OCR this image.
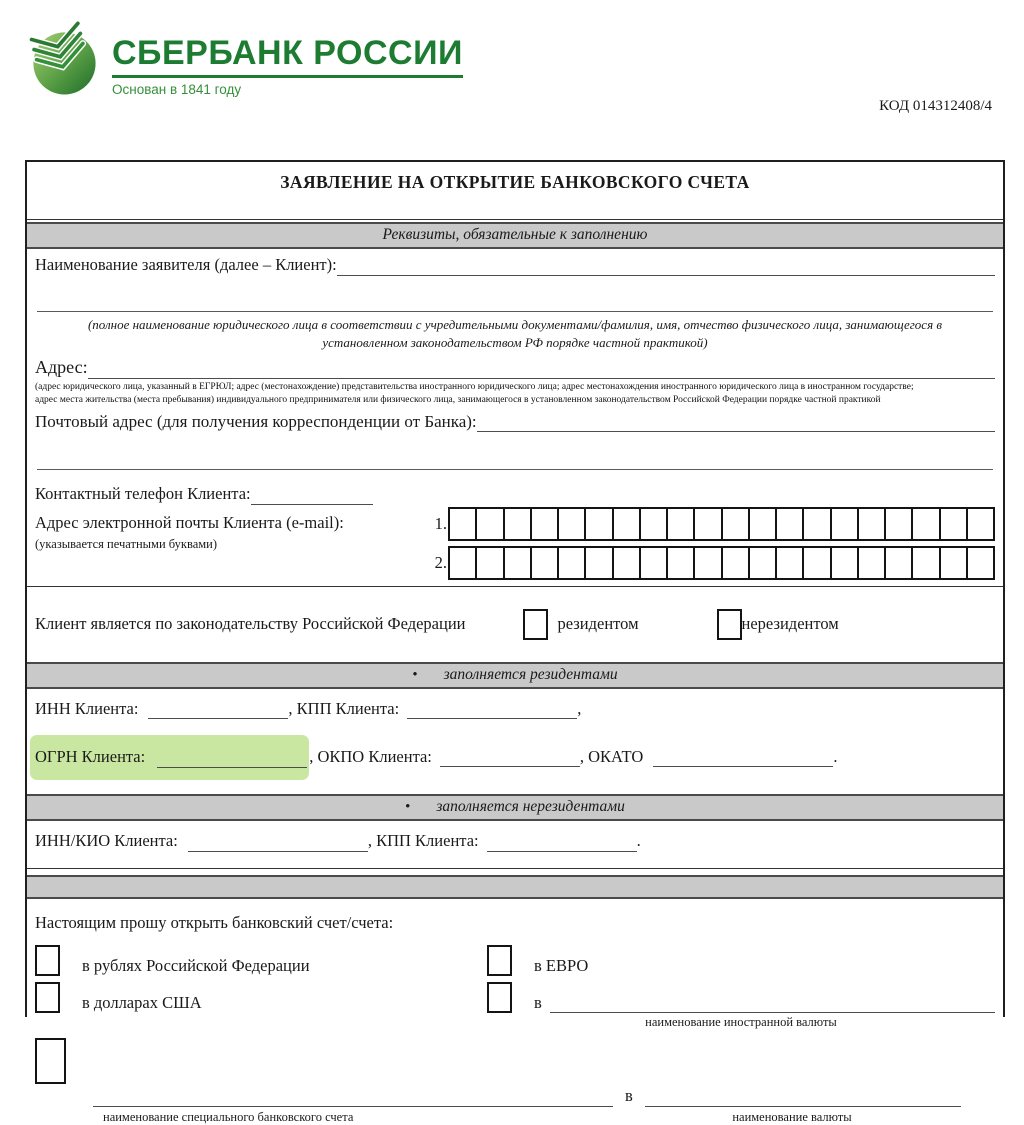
СБЕРБАНК РОССИИ
Основан в 1841 году
КОД 014312408/4
ЗАЯВЛЕНИЕ НА ОТКРЫТИЕ БАНКОВСКОГО СЧЕТА
Реквизиты, обязательные к заполнению
Наименование заявителя (далее – Клиент):
(полное наименование юридического лица в соответствии с учредительными документами/фамилия, имя, отчество физического лица, занимающегося в установленном законодательством РФ порядке частной практикой)
Адрес:
(адрес юридического лица, указанный в ЕГРЮЛ; адрес (местонахождение) представительства иностранного юридического лица; адрес местонахождения иностранного юридического лица в иностранном государстве;
адрес места жительства (места пребывания) индивидуального предпринимателя или физического лица, занимающегося в установленном законодательством Российской Федерации порядке частной практикой
Почтовый адрес (для получения корреспонденции от Банка):
Контактный телефон Клиента:
Адрес электронной почты Клиента (e-mail):
(указывается печатными буквами)
1.
2.
Клиент является по законодательству Российской Федерации	резидентом	нерезидентом
• заполняется резидентами
ИНН Клиента:	, КПП Клиента:	,
ОГРН Клиента:	, ОКПО Клиента:	, ОКАТО	.
• заполняется нерезидентами
ИНН/КИО Клиента:	, КПП Клиента:	.
Настоящим прошу открыть банковский счет/счета:
в рублях Российской Федерации	в ЕВРО
в долларах США	в
наименование иностранной валюты
в
наименование специального банковского счета	наименование валюты
